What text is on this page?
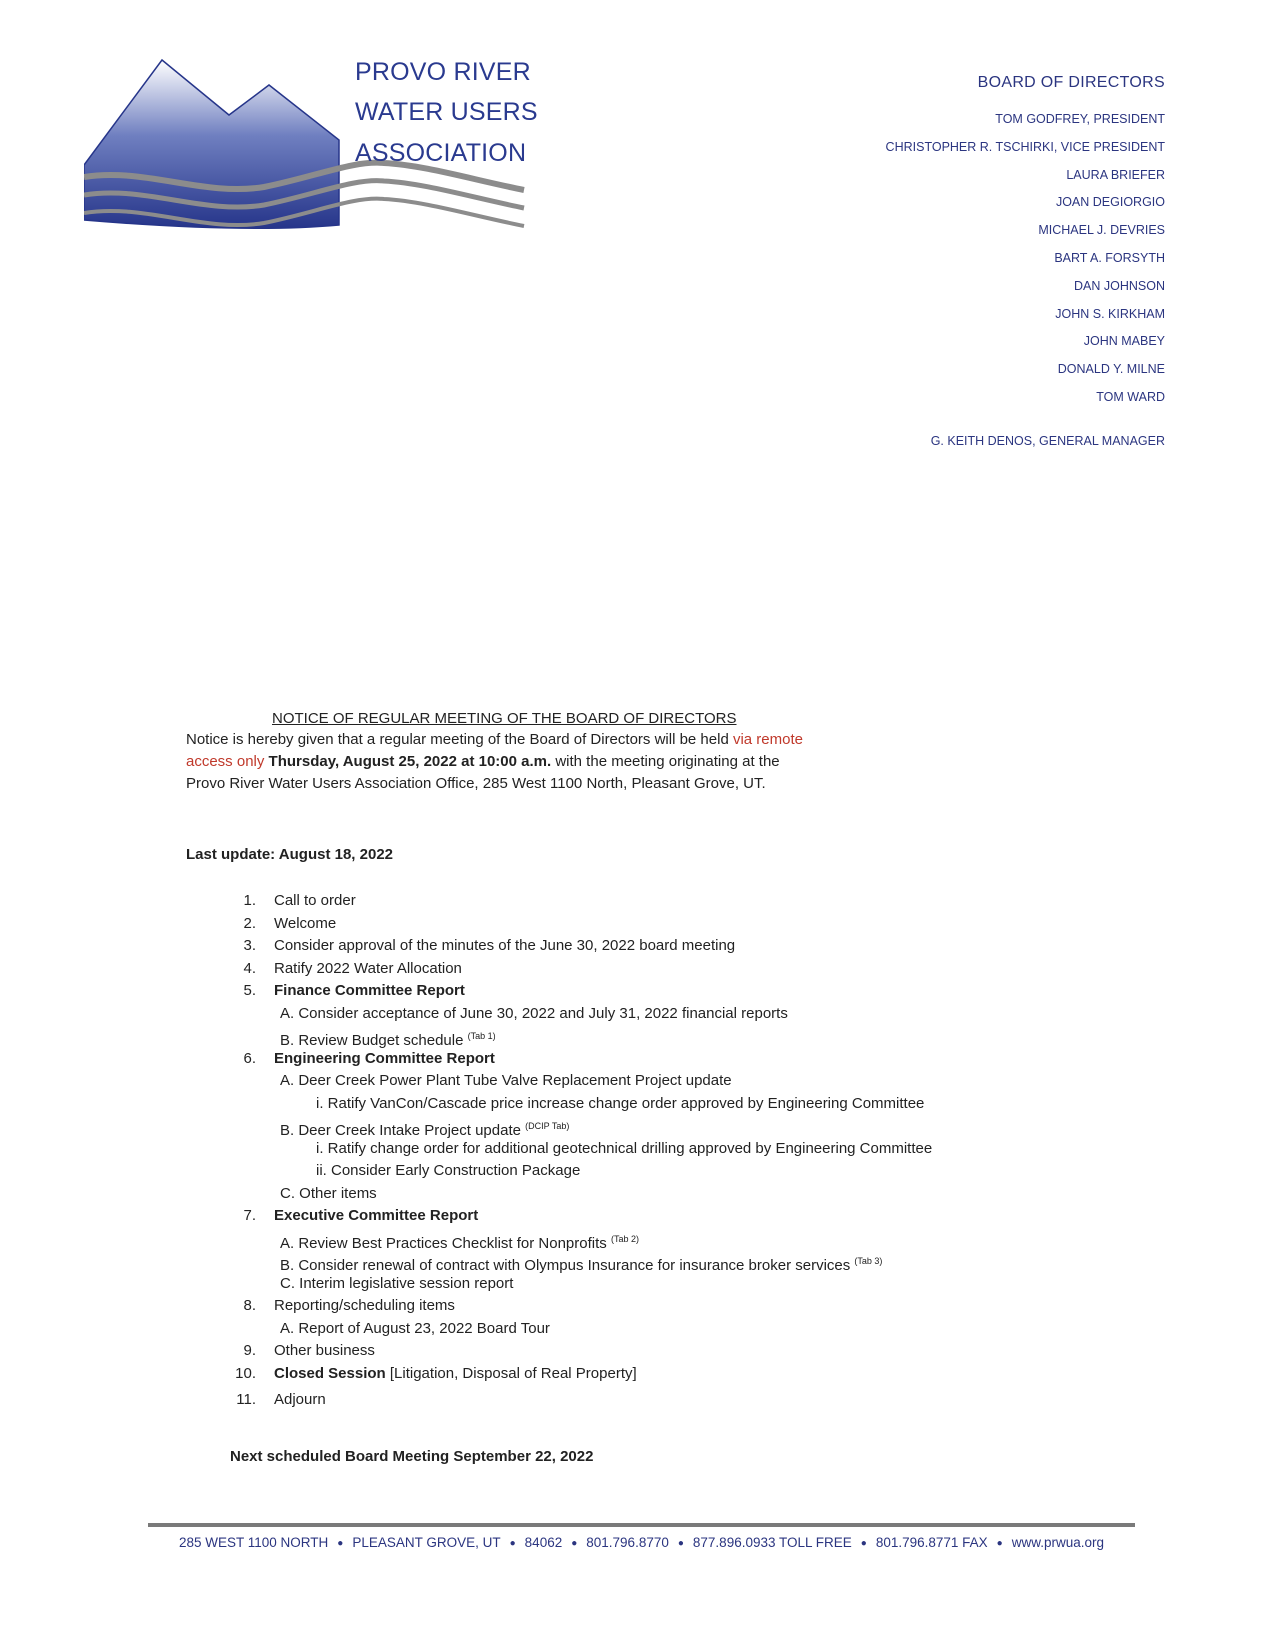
PROVO RIVER
WATER USERS
ASSOCIATION
BOARD OF DIRECTORS
TOM GODFREY, PRESIDENT
CHRISTOPHER R. TSCHIRKI, VICE PRESIDENT
LAURA BRIEFER
JOAN DEGIORGIO
MICHAEL J. DEVRIES
BART A. FORSYTH
DAN JOHNSON
JOHN S. KIRKHAM
JOHN MABEY
DONALD Y. MILNE
TOM WARD
G. KEITH DENOS, GENERAL MANAGER
NOTICE OF REGULAR MEETING OF THE BOARD OF DIRECTORS
Notice is hereby given that a regular meeting of the Board of Directors will be held via remote
access only Thursday, August 25, 2022 at 10:00 a.m. with the meeting originating at the
Provo River Water Users Association Office, 285 West 1100 North, Pleasant Grove, UT.
Last update: August 18, 2022
1. Call to order
2. Welcome
3. Consider approval of the minutes of the June 30, 2022 board meeting
4. Ratify 2022 Water Allocation
5. Finance Committee Report
A. Consider acceptance of June 30, 2022 and July 31, 2022 financial reports
B. Review Budget schedule $^{(Tab 1)}$
6. Engineering Committee Report
A. Deer Creek Power Plant Tube Valve Replacement Project update
i. Ratify VanCon/Cascade price increase change order approved by Engineering Committee
B. Deer Creek Intake Project update $^{(DCIP Tab)}$
i. Ratify change order for additional geotechnical drilling approved by Engineering Committee
ii. Consider Early Construction Package
C. Other items
7. Executive Committee Report
A. Review Best Practices Checklist for Nonprofits $^{(Tab 2)}$
B. Consider renewal of contract with Olympus Insurance for insurance broker services $^{(Tab 3)}$
C. Interim legislative session report
8. Reporting/scheduling items
A. Report of August 23, 2022 Board Tour
9. Other business
10. Closed Session [Litigation, Disposal of Real Property]
11. Adjourn
Next scheduled Board Meeting September 22, 2022
285 WEST 1100 NORTH ● PLEASANT GROVE, UT ● 84062 ● 801.796.8770 ● 877.896.0933 TOLL FREE ● 801.796.8771 FAX ● www.prwua.org
